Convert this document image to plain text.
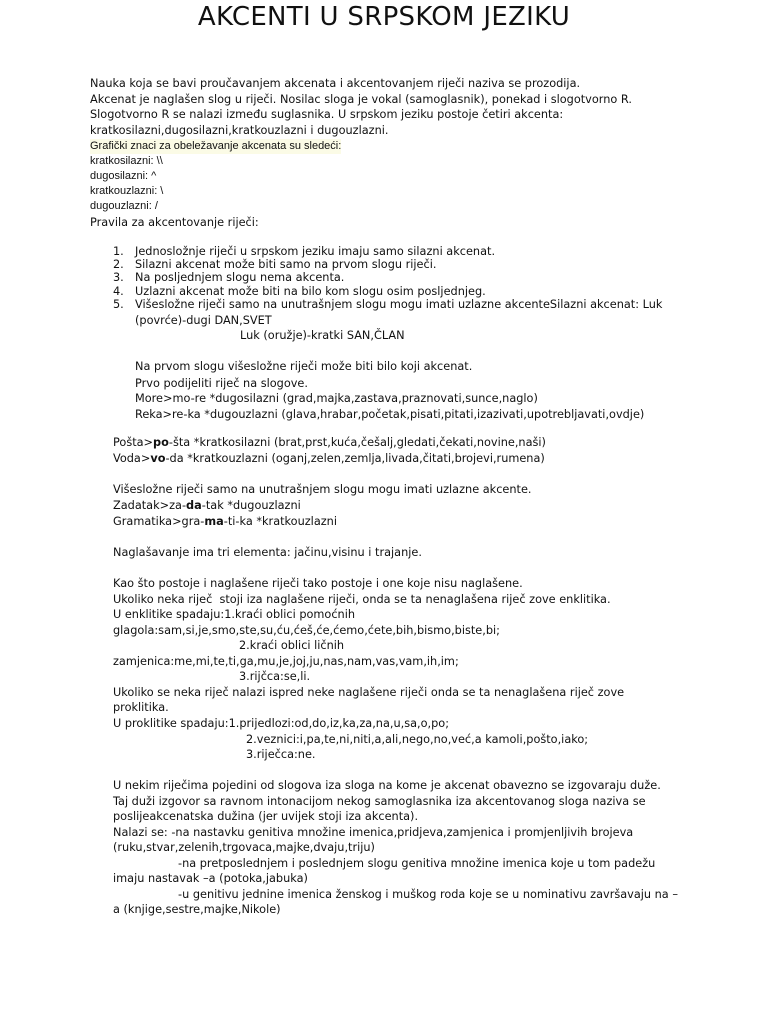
AKCENTI U SRPSKOM JEZIKU
Nauka koja se bavi proučavanjem akcenata i akcentovanjem riječi naziva se prozodija.
Akcenat je naglašen slog u riječi. Nosilac sloga je vokal (samoglasnik), ponekad i slogotvorno R.
Slogotvorno R se nalazi između suglasnika. U srpskom jeziku postoje četiri akcenta:
kratkosilazni,dugosilazni,kratkouzlazni i dugouzlazni.
Grafički znaci za obeležavanje akcenata su sledeći:
kratkosilazni: \\
dugosilazni: ^
kratkouzlazni: \
dugouzlazni: /
Pravila za akcentovanje riječi:
1. Jednosložnje riječi u srpskom jeziku imaju samo silazni akcenat.
2. Silazni akcenat može biti samo na prvom slogu riječi.
3. Na posljednjem slogu nema akcenta.
4. Uzlazni akcenat može biti na bilo kom slogu osim posljednjeg.
5. Višesložne riječi samo na unutrašnjem slogu mogu imati uzlazne akcenteSilazni akcenat: Luk
(povrće)-dugi DAN,SVET
Luk (oružje)-kratki SAN,ČLAN
Na prvom slogu višesložne riječi može biti bilo koji akcenat.
Prvo podijeliti riječ na slogove.
More>mo-re *dugosilazni (grad,majka,zastava,praznovati,sunce,naglo)
Reka>re-ka *dugouzlazni (glava,hrabar,početak,pisati,pitati,izazivati,upotrebljavati,ovdje)
Pošta>po-šta *kratkosilazni (brat,prst,kuća,češalj,gledati,čekati,novine,naši)
Voda>vo-da *kratkouzlazni (oganj,zelen,zemlja,livada,čitati,brojevi,rumena)
Višesložne riječi samo na unutrašnjem slogu mogu imati uzlazne akcente.
Zadatak>za-da-tak *dugouzlazni
Gramatika>gra-ma-ti-ka *kratkouzlazni
Naglašavanje ima tri elementa: jačinu,visinu i trajanje.
Kao što postoje i naglašene riječi tako postoje i one koje nisu naglašene.
Ukoliko neka riječ  stoji iza naglašene riječi, onda se ta nenaglašena riječ zove enklitika.
U enklitike spadaju:1.kraći oblici pomoćnih
glagola:sam,si,je,smo,ste,su,ću,ćeš,će,ćemo,ćete,bih,bismo,biste,bi;
2.kraći oblici ličnih
zamjenica:me,mi,te,ti,ga,mu,je,joj,ju,nas,nam,vas,vam,ih,im;
3.rijčca:se,li.
Ukoliko se neka riječ nalazi ispred neke naglašene riječi onda se ta nenaglašena riječ zove
proklitika.
U proklitike spadaju:1.prijedlozi:od,do,iz,ka,za,na,u,sa,o,po;
2.veznici:i,pa,te,ni,niti,a,ali,nego,no,već,a kamoli,pošto,iako;
3.riječca:ne.
U nekim riječima pojedini od slogova iza sloga na kome je akcenat obavezno se izgovaraju duže.
Taj duži izgovor sa ravnom intonacijom nekog samoglasnika iza akcentovanog sloga naziva se
poslijeakcenatska dužina (jer uvijek stoji iza akcenta).
Nalazi se: -na nastavku genitiva množine imenica,pridjeva,zamjenica i promjenljivih brojeva
(ruku,stvar,zelenih,trgovaca,majke,dvaju,triju)
-na pretposlednjem i poslednjem slogu genitiva množine imenica koje u tom padežu
imaju nastavak –a (potoka,jabuka)
-u genitivu jednine imenica ženskog i muškog roda koje se u nominativu završavaju na –
a (knjige,sestre,majke,Nikole)
